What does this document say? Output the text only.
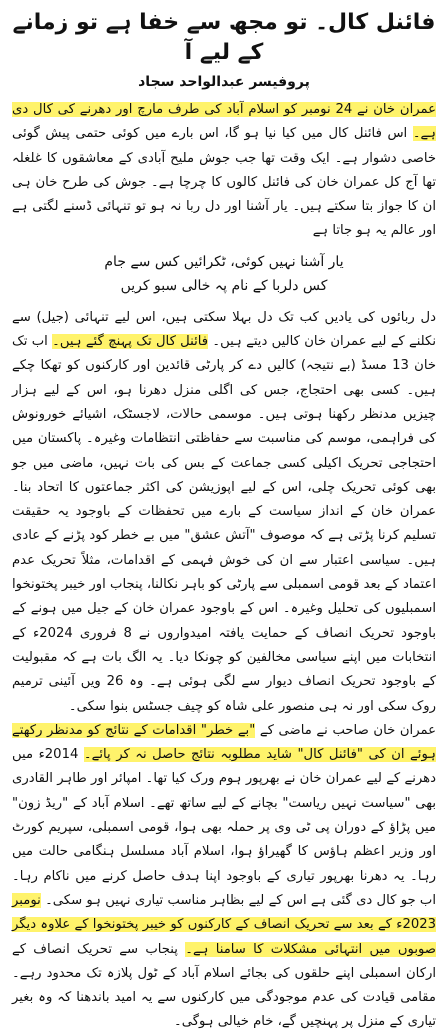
فائنل کال۔ تو مجھ سے خفا ہے تو زمانے کے لیے آ
پروفیسر عبدالواحد سجاد

عمران خان نے 24 نومبر کو اسلام آباد کی طرف مارچ اور دھرنے کی کال دی ہے۔ اس فائنل کال میں کیا نیا ہو گا، اس بارے میں کوئی حتمی پیش گوئی خاصی دشوار ہے۔ ایک وقت تھا جب جوش ملیح آبادی کے معاشقوں کا غلغلہ تھا آج کل عمران خان کی فائنل کالوں کا چرچا ہے۔ جوش کی طرح خان ہی ان کا جواز بتا سکتے ہیں۔ یار آشنا اور دل ربا نہ ہو تو تنہائی ڈسنے لگتی ہے اور عالم یہ ہو جاتا ہے

یار آشنا نہیں کوئی، ٹکرائیں کس سے جام
کس دلربا کے نام پہ خالی سبو کریں

دل ربائوں کی یادیں کب تک دل بہلا سکتی ہیں، اس لیے تنہائی (جیل) سے نکلنے کے لیے عمران خان کالیں دیتے ہیں۔ فائنل کال تک پہنچ گئے ہیں۔ اب تک خان 13 مسڈ (بے نتیجہ) کالیں دے کر پارٹی قائدین اور کارکنوں کو تھکا چکے ہیں۔ کسی بھی احتجاج، جس کی اگلی منزل دھرنا ہو، اس کے لیے ہزار چیزیں مدنظر رکھنا ہوتی ہیں۔ موسمی حالات، لاجسٹک، اشیائے خورونوش کی فراہمی، موسم کی مناسبت سے حفاظتی انتظامات وغیرہ۔ پاکستان میں احتجاجی تحریک اکیلی کسی جماعت کے بس کی بات نہیں، ماضی میں جو بھی کوئی تحریک چلی، اس کے لیے اپوزیشن کی اکثر جماعتوں کا اتحاد بنا۔ عمران خان کے انداز سیاست کے بارے میں تحفظات کے باوجود یہ حقیقت تسلیم کرنا پڑتی ہے کہ موصوف "آتش عشق" میں بے خطر کود پڑنے کے عادی ہیں۔ سیاسی اعتبار سے ان کی خوش فہمی کے اقدامات، مثلاً تحریک عدم اعتماد کے بعد قومی اسمبلی سے پارٹی کو باہر نکالنا، پنجاب اور خیبر پختونخوا اسمبلیوں کی تحلیل وغیرہ۔ اس کے باوجود عمران خان کے جیل میں ہونے کے باوجود تحریک انصاف کے حمایت یافتہ امیدواروں نے 8 فروری 2024ء کے انتخابات میں اپنے سیاسی مخالفین کو چونکا دیا۔ یہ الگ بات ہے کہ مقبولیت کے باوجود تحریک انصاف دیوار سے لگی ہوئی ہے۔ وہ 26 ویں آئینی ترمیم روک سکی اور نہ ہی منصور علی شاہ کو چیف جسٹس بنوا سکی۔

عمران خان صاحب نے ماضی کے "بے خطر" اقدامات کے نتائج کو مدنظر رکھتے ہوئے ان کی "فائنل کال" شاید مطلوبہ نتائج حاصل نہ کر پائے۔ 2014ء میں دھرنے کے لیے عمران خان نے بھرپور ہوم ورک کیا تھا۔ امپائر اور طاہر القادری بھی "سیاست نہیں ریاست" بچانے کے لیے ساتھ تھے۔ اسلام آباد کے "ریڈ زون" میں پڑاؤ کے دوران پی ٹی وی پر حملہ بھی ہوا، قومی اسمبلی، سپریم کورٹ اور وزیر اعظم ہاؤس کا گھیراؤ ہوا، اسلام آباد مسلسل ہنگامی حالت میں رہا۔ یہ دھرنا بھرپور تیاری کے باوجود اپنا ہدف حاصل کرنے میں ناکام رہا۔ اب جو کال دی گئی ہے اس کے لیے بظاہر مناسب تیاری نہیں ہو سکی۔ نومبر 2023ء کے بعد سے تحریک انصاف کے کارکنوں کو خیبر پختونخوا کے علاوہ دیگر صوبوں میں انتہائی مشکلات کا سامنا ہے۔ پنجاب سے تحریک انصاف کے ارکان اسمبلی اپنے حلقوں کی بجائے اسلام آباد کے ٹول پلازہ تک محدود رہے۔ مقامی قیادت کی عدم موجودگی میں کارکنوں سے یہ امید باندھنا کہ وہ بغیر تیاری کے منزل پر پہنچیں گے، خام خیالی ہوگی۔
